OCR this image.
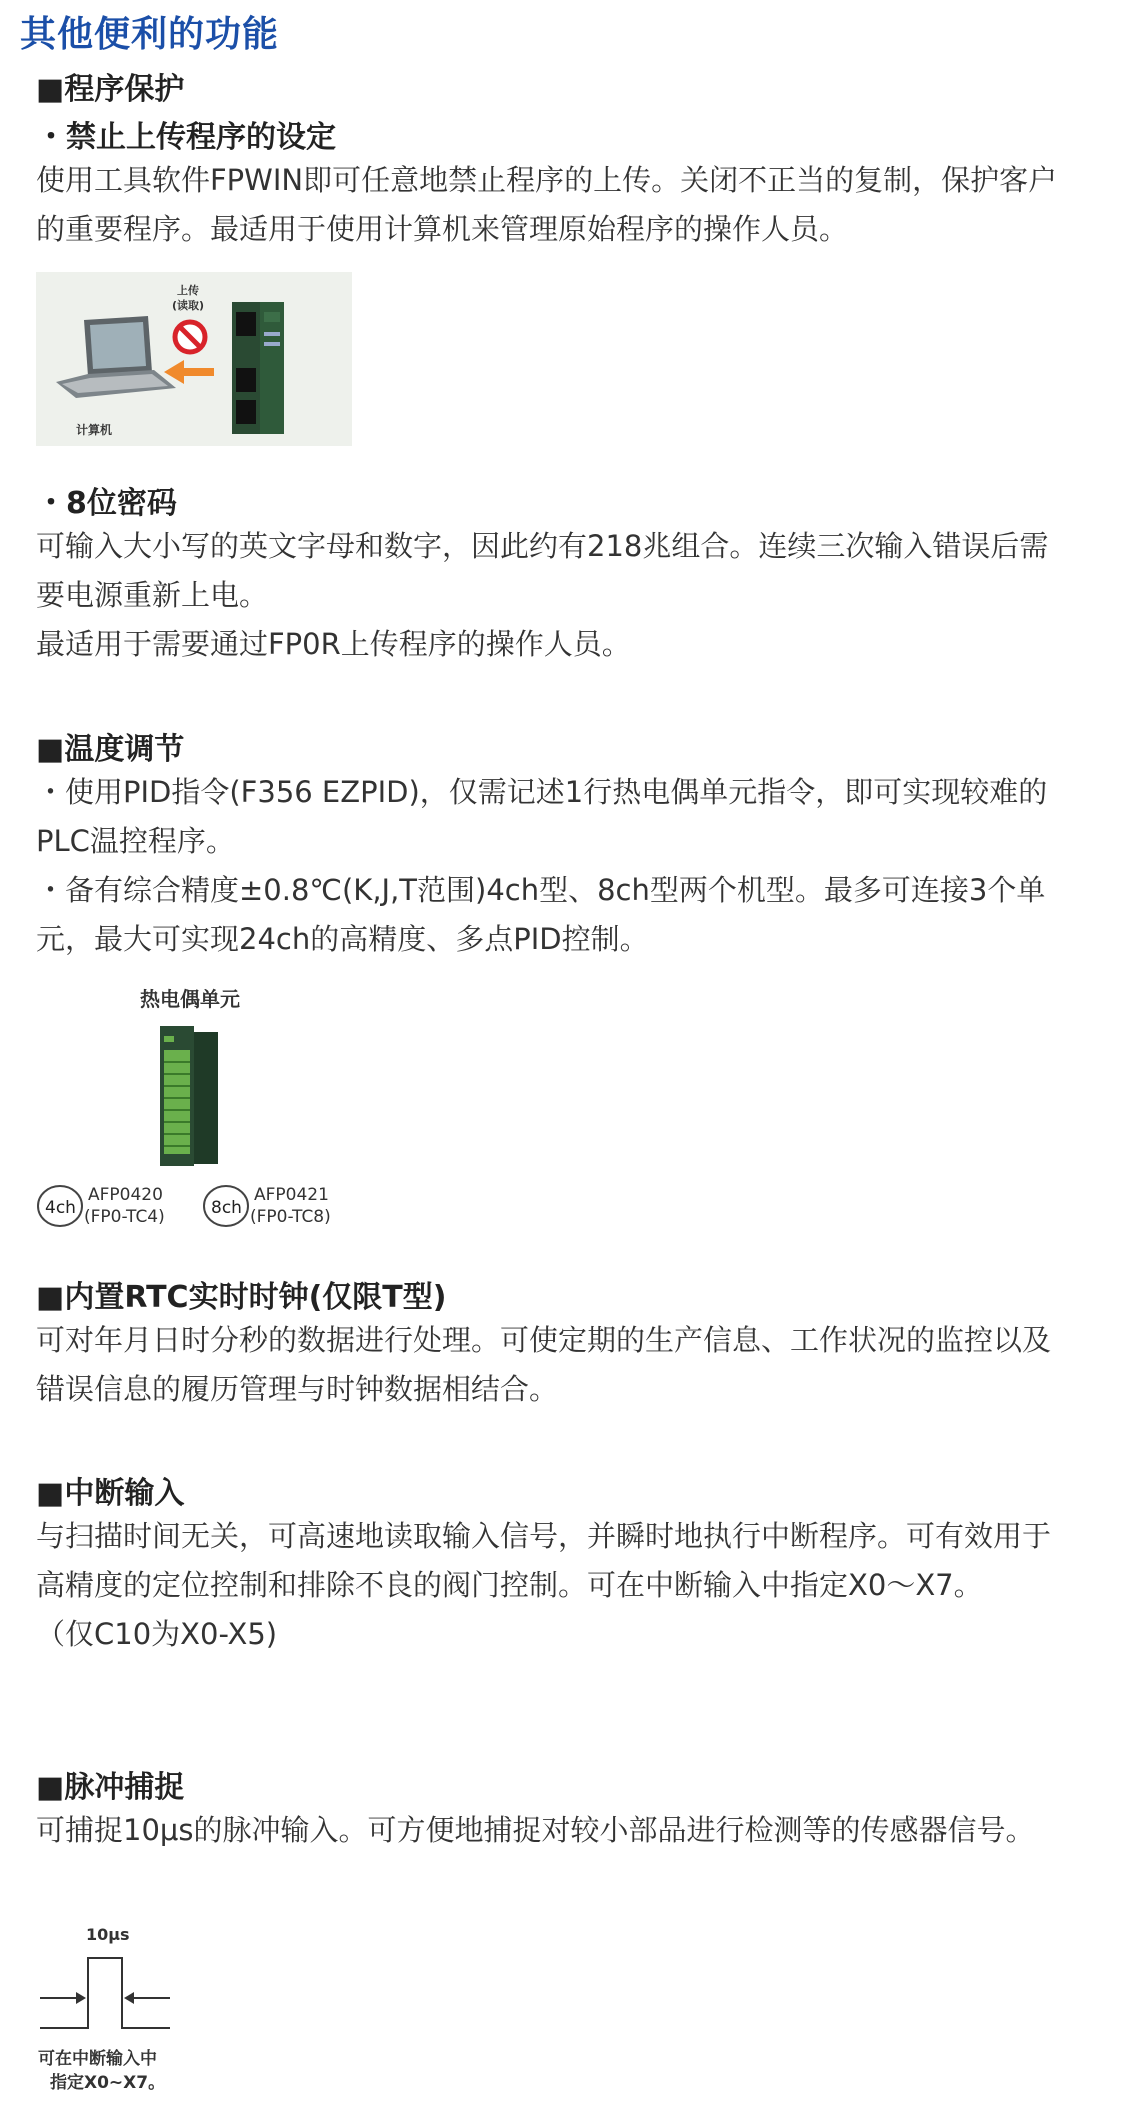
其他便利的功能
■程序保护
・禁止上传程序的设定

使用工具软件FPWIN即可任意地禁止程序的上传。关闭不正当的复制，保护客户的重要程序。最适用于使用计算机来管理原始程序的操作人员。

计算机
上传
(读取)
・8位密码

可输入大小写的英文字母和数字，因此约有218兆组合。连续三次输入错误后需要电源重新上电。

最适用于需要通过FP0R上传程序的操作人员。

■温度调节

・使用PID指令(F356 EZPID)，仅需记述1行热电偶单元指令，即可实现较难的PLC温控程序。

・备有综合精度±0.8℃(K,J,T范围)4ch型、8ch型两个机型。最多可连接3个单元，最大可实现24ch的高精度、多点PID控制。

热电偶单元
4ch
AFP0420
(FP0-TC4)	8ch
AFP0421
(FP0-TC8)
■内置RTC实时时钟(仅限T型)

可对年月日时分秒的数据进行处理。可使定期的生产信息、工作状况的监控以及错误信息的履历管理与时钟数据相结合。

■中断输入

与扫描时间无关，可高速地读取输入信号，并瞬时地执行中断程序。可有效用于高精度的定位控制和排除不良的阀门控制。可在中断输入中指定X0～X7。

（仅C10为X0-X5)

■脉冲捕捉

可捕捉10μs的脉冲输入。可方便地捕捉对较小部品进行检测等的传感器信号。

10μs
可在中断输入中
指定X0~X7。
